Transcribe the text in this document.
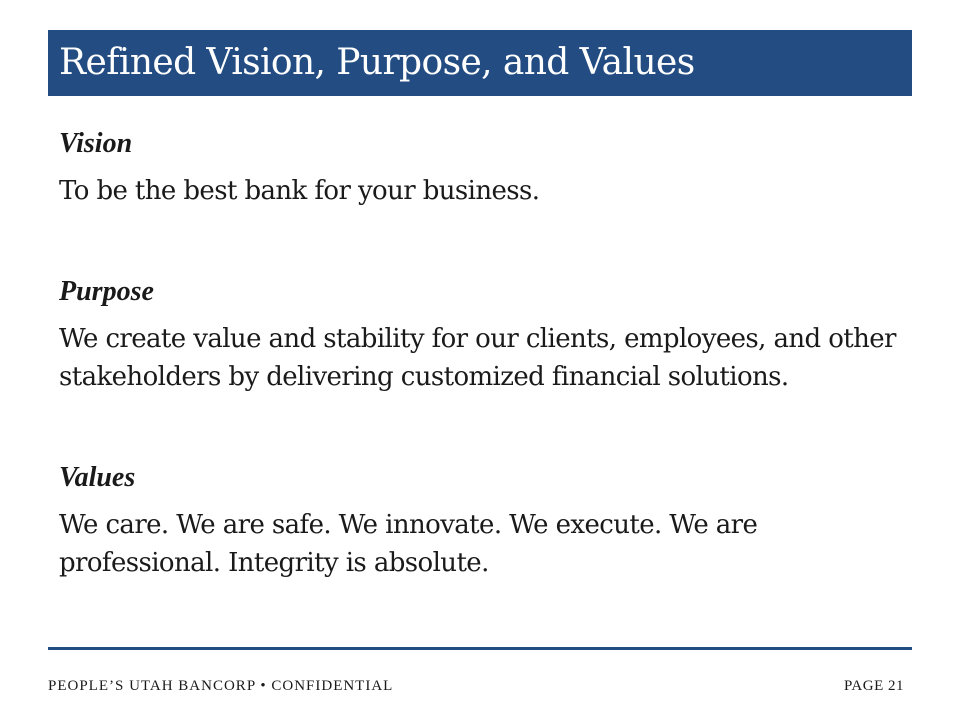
Refined Vision, Purpose, and Values
Vision
To be the best bank for your business.
Purpose
We create value and stability for our clients, employees, and other stakeholders by delivering customized financial solutions.
Values
We care. We are safe. We innovate. We execute. We are professional. Integrity is absolute.
PEOPLE’S UTAH BANCORP • CONFIDENTIAL	PAGE 21
